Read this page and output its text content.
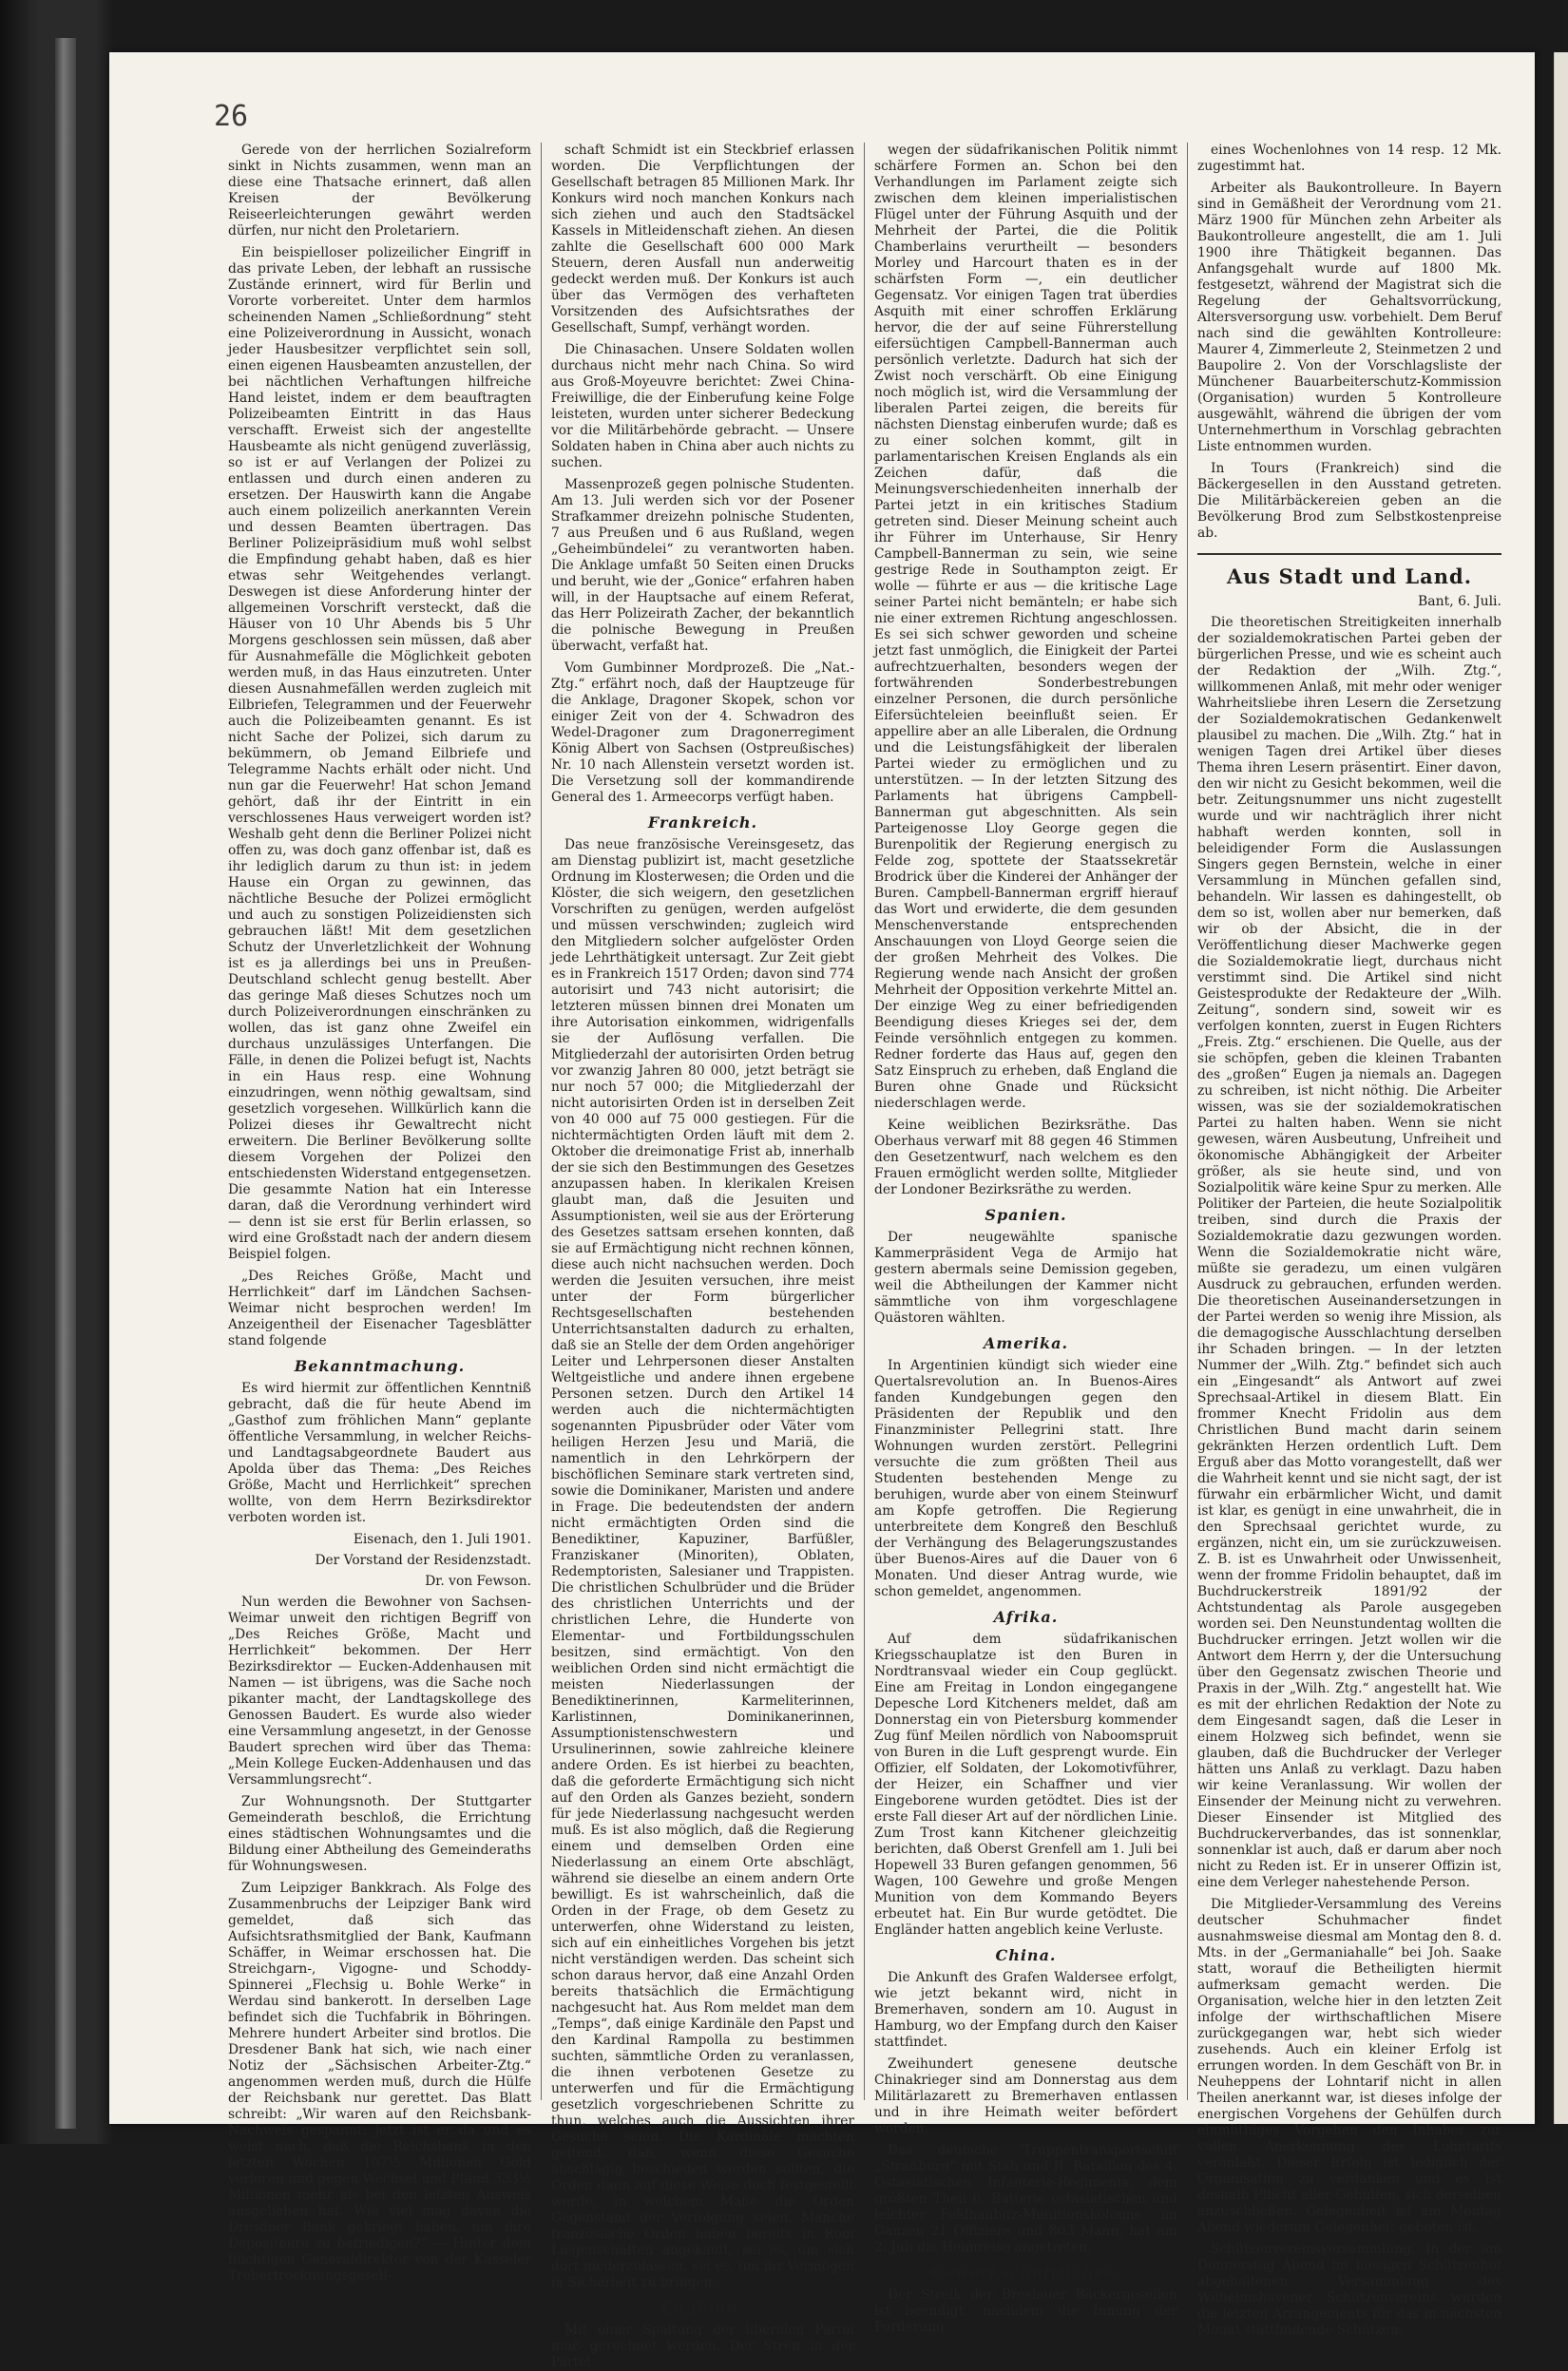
26

Gerede von der herrlichen Sozialreform sinkt in Nichts zusammen, wenn man an diese eine Thatsache erinnert, daß allen Kreisen der Bevölkerung Reiseerleichterungen gewährt werden dürfen, nur nicht den Proletariern.

Ein beispielloser polizeilicher Eingriff in das private Leben, der lebhaft an russische Zustände erinnert, wird für Berlin und Vororte vorbereitet. Unter dem harmlos scheinenden Namen „Schließordnung“ steht eine Polizeiverordnung in Aussicht, wonach jeder Hausbesitzer verpflichtet sein soll, einen eigenen Hausbeamten anzustellen, der bei nächtlichen Verhaftungen hilfreiche Hand leistet, indem er dem beauftragten Polizeibeamten Eintritt in das Haus verschafft. Erweist sich der angestellte Hausbeamte als nicht genügend zuverlässig, so ist er auf Verlangen der Polizei zu entlassen und durch einen anderen zu ersetzen. Der Hauswirth kann die Angabe auch einem polizeilich anerkannten Verein und dessen Beamten übertragen. Das Berliner Polizeipräsidium muß wohl selbst die Empfindung gehabt haben, daß es hier etwas sehr Weitgehendes verlangt. Deswegen ist diese Anforderung hinter der allgemeinen Vorschrift versteckt, daß die Häuser von 10 Uhr Abends bis 5 Uhr Morgens geschlossen sein müssen, daß aber für Ausnahmefälle die Möglichkeit geboten werden muß, in das Haus einzutreten. Unter diesen Ausnahmefällen werden zugleich mit Eilbriefen, Telegrammen und der Feuerwehr auch die Polizeibeamten genannt. Es ist nicht Sache der Polizei, sich darum zu bekümmern, ob Jemand Eilbriefe und Telegramme Nachts erhält oder nicht. Und nun gar die Feuerwehr! Hat schon Jemand gehört, daß ihr der Eintritt in ein verschlossenes Haus verweigert worden ist? Weshalb geht denn die Berliner Polizei nicht offen zu, was doch ganz offenbar ist, daß es ihr lediglich darum zu thun ist: in jedem Hause ein Organ zu gewinnen, das nächtliche Besuche der Polizei ermöglicht und auch zu sonstigen Polizeidiensten sich gebrauchen läßt! Mit dem gesetzlichen Schutz der Unverletzlichkeit der Wohnung ist es ja allerdings bei uns in Preußen-Deutschland schlecht genug bestellt. Aber das geringe Maß dieses Schutzes noch um durch Polizeiverordnungen einschränken zu wollen, das ist ganz ohne Zweifel ein durchaus unzulässiges Unterfangen. Die Fälle, in denen die Polizei befugt ist, Nachts in ein Haus resp. eine Wohnung einzudringen, wenn nöthig gewaltsam, sind gesetzlich vorgesehen. Willkürlich kann die Polizei dieses ihr Gewaltrecht nicht erweitern. Die Berliner Bevölkerung sollte diesem Vorgehen der Polizei den entschiedensten Widerstand entgegensetzen. Die gesammte Nation hat ein Interesse daran, daß die Verordnung verhindert wird — denn ist sie erst für Berlin erlassen, so wird eine Großstadt nach der andern diesem Beispiel folgen.

„Des Reiches Größe, Macht und Herrlichkeit“ darf im Ländchen Sachsen-Weimar nicht besprochen werden! Im Anzeigentheil der Eisenacher Tagesblätter stand folgende

Bekanntmachung.

Es wird hiermit zur öffentlichen Kenntniß gebracht, daß die für heute Abend im „Gasthof zum fröhlichen Mann“ geplante öffentliche Versammlung, in welcher Reichs- und Landtagsabgeordnete Baudert aus Apolda über das Thema: „Des Reiches Größe, Macht und Herrlichkeit“ sprechen wollte, von dem Herrn Bezirksdirektor verboten worden ist.

Eisenach, den 1. Juli 1901.
Der Vorstand der Residenzstadt.
Dr. von Fewson.

Nun werden die Bewohner von Sachsen-Weimar unweit den richtigen Begriff von „Des Reiches Größe, Macht und Herrlichkeit“ bekommen. Der Herr Bezirksdirektor — Eucken-Addenhausen mit Namen — ist übrigens, was die Sache noch pikanter macht, der Landtagskollege des Genossen Baudert. Es wurde also wieder eine Versammlung angesetzt, in der Genosse Baudert sprechen wird über das Thema: „Mein Kollege Eucken-Addenhausen und das Versammlungsrecht“.

Zur Wohnungsnoth. Der Stuttgarter Gemeinderath beschloß, die Errichtung eines städtischen Wohnungsamtes und die Bildung einer Abtheilung des Gemeinderaths für Wohnungswesen.

Zum Leipziger Bankkrach. Als Folge des Zusammenbruchs der Leipziger Bank wird gemeldet, daß sich das Aufsichtsrathsmitglied der Bank, Kaufmann Schäffer, in Weimar erschossen hat. Die Streichgarn-, Vigogne- und Schoddy-Spinnerei „Flechsig u. Bohle Werke“ in Werdau sind bankerott. In derselben Lage befindet sich die Tuchfabrik in Böhringen. Mehrere hundert Arbeiter sind brotlos. Die Dresdener Bank hat sich, wie nach einer Notiz der „Sächsischen Arbeiter-Ztg.“ angenommen werden muß, durch die Hülfe der Reichsbank nur gerettet. Das Blatt schreibt: „Wir waren auf den Reichsbank-Nachweis gespannt; jetzt ist er da und es weist nach, daß die Reichsbank in den letzten Wochen 107½ Millionen Gold verloren und gegen Wechsel und Pfand 333⅓ Millionen mehr als bei den letzten Ausweis ausgeliehen hat. Wie viel mag davon die Dresdner Bank gekriegt haben, um ihre Depositeure zu befriedigen?“ — Hinter dem flüchtigen Generaldirektor von der Kasseler Trebertrocknungsgesell-

schaft Schmidt ist ein Steckbrief erlassen worden. Die Verpflichtungen der Gesellschaft betragen 85 Millionen Mark. Ihr Konkurs wird noch manchen Konkurs nach sich ziehen und auch den Stadtsäckel Kassels in Mitleidenschaft ziehen. An diesen zahlte die Gesellschaft 600 000 Mark Steuern, deren Ausfall nun anderweitig gedeckt werden muß. Der Konkurs ist auch über das Vermögen des verhafteten Vorsitzenden des Aufsichtsrathes der Gesellschaft, Sumpf, verhängt worden.

Die Chinasachen. Unsere Soldaten wollen durchaus nicht mehr nach China. So wird aus Groß-Moyeuvre berichtet: Zwei China-Freiwillige, die der Einberufung keine Folge leisteten, wurden unter sicherer Bedeckung vor die Militärbehörde gebracht. — Unsere Soldaten haben in China aber auch nichts zu suchen.

Massenprozeß gegen polnische Studenten. Am 13. Juli werden sich vor der Posener Strafkammer dreizehn polnische Studenten, 7 aus Preußen und 6 aus Rußland, wegen „Geheimbündelei“ zu verantworten haben. Die Anklage umfaßt 50 Seiten einen Drucks und beruht, wie der „Gonice“ erfahren haben will, in der Hauptsache auf einem Referat, das Herr Polizeirath Zacher, der bekanntlich die polnische Bewegung in Preußen überwacht, verfaßt hat.

Vom Gumbinner Mordprozeß. Die „Nat.-Ztg.“ erfährt noch, daß der Hauptzeuge für die Anklage, Dragoner Skopek, schon vor einiger Zeit von der 4. Schwadron des Wedel-Dragoner zum Dragonerregiment König Albert von Sachsen (Ostpreußisches) Nr. 10 nach Allenstein versetzt worden ist. Die Versetzung soll der kommandirende General des 1. Armeecorps verfügt haben.

Frankreich.

Das neue französische Vereinsgesetz, das am Dienstag publizirt ist, macht gesetzliche Ordnung im Klosterwesen; die Orden und die Klöster, die sich weigern, den gesetzlichen Vorschriften zu genügen, werden aufgelöst und müssen verschwinden; zugleich wird den Mitgliedern solcher aufgelöster Orden jede Lehrthätigkeit untersagt. Zur Zeit giebt es in Frankreich 1517 Orden; davon sind 774 autorisirt und 743 nicht autorisirt; die letzteren müssen binnen drei Monaten um ihre Autorisation einkommen, widrigenfalls sie der Auflösung verfallen. Die Mitgliederzahl der autorisirten Orden betrug vor zwanzig Jahren 80 000, jetzt beträgt sie nur noch 57 000; die Mitgliederzahl der nicht autorisirten Orden ist in derselben Zeit von 40 000 auf 75 000 gestiegen. Für die nichtermächtigten Orden läuft mit dem 2. Oktober die dreimonatige Frist ab, innerhalb der sie sich den Bestimmungen des Gesetzes anzupassen haben. In klerikalen Kreisen glaubt man, daß die Jesuiten und Assumptionisten, weil sie aus der Erörterung des Gesetzes sattsam ersehen konnten, daß sie auf Ermächtigung nicht rechnen können, diese auch nicht nachsuchen werden. Doch werden die Jesuiten versuchen, ihre meist unter der Form bürgerlicher Rechtsgesellschaften bestehenden Unterrichtsanstalten dadurch zu erhalten, daß sie an Stelle der dem Orden angehöriger Leiter und Lehrpersonen dieser Anstalten Weltgeistliche und andere ihnen ergebene Personen setzen. Durch den Artikel 14 werden auch die nichtermächtigten sogenannten Pipusbrüder oder Väter vom heiligen Herzen Jesu und Mariä, die namentlich in den Lehrkörpern der bischöflichen Seminare stark vertreten sind, sowie die Dominikaner, Maristen und andere in Frage. Die bedeutendsten der andern nicht ermächtigten Orden sind die Benediktiner, Kapuziner, Barfüßler, Franziskaner (Minoriten), Oblaten, Redemptoristen, Salesianer und Trappisten. Die christlichen Schulbrüder und die Brüder des christlichen Unterrichts und der christlichen Lehre, die Hunderte von Elementar- und Fortbildungsschulen besitzen, sind ermächtigt. Von den weiblichen Orden sind nicht ermächtigt die meisten Niederlassungen der Benediktinerinnen, Karmeliterinnen, Karlistinnen, Dominikanerinnen, Assumptionistenschwestern und Ursulinerinnen, sowie zahlreiche kleinere andere Orden. Es ist hierbei zu beachten, daß die geforderte Ermächtigung sich nicht auf den Orden als Ganzes bezieht, sondern für jede Niederlassung nachgesucht werden muß. Es ist also möglich, daß die Regierung einem und demselben Orden eine Niederlassung an einem Orte abschlägt, während sie dieselbe an einem andern Orte bewilligt. Es ist wahrscheinlich, daß die Orden in der Frage, ob dem Gesetz zu unterwerfen, ohne Widerstand zu leisten, sich auf ein einheitliches Vorgehen bis jetzt nicht verständigen werden. Das scheint sich schon daraus hervor, daß eine Anzahl Orden bereits thatsächlich die Ermächtigung nachgesucht hat. Aus Rom meldet man dem „Temps“, daß einige Kardinäle den Papst und den Kardinal Rampolla zu bestimmen suchten, sämmtliche Orden zu veranlassen, die ihnen verbotenen Gesetze zu unterwerfen und für die Ermächtigung gesetzlich vorgeschriebenen Schritte zu thun, welches auch die Aussichten ihrer Gesuche seien. Die Kardinäle machten geltend, daß, wenn diese Gesuche abschlägig beschieden werden sollten, die Orden dann auf diese Weise doch festgestellt werde, in welchem Maße die Orden Gegenstand der Verfolgung seien. Manche französische Orden haben bereits in Rom Liegenschaften angekauft, sei es, um sich dort niederzulassen, sei es, um ihr Vermögen in Sicherheit zu bringen.

England.

Mit einer Spaltung der liberalen Partei muß gerechnet werden. Der Streit in der Partei

wegen der südafrikanischen Politik nimmt schärfere Formen an. Schon bei den Verhandlungen im Parlament zeigte sich zwischen dem kleinen imperialistischen Flügel unter der Führung Asquith und der Mehrheit der Partei, die die Politik Chamberlains verurtheilt — besonders Morley und Harcourt thaten es in der schärfsten Form —, ein deutlicher Gegensatz. Vor einigen Tagen trat überdies Asquith mit einer schroffen Erklärung hervor, die der auf seine Führerstellung eifersüchtigen Campbell-Bannerman auch persönlich verletzte. Dadurch hat sich der Zwist noch verschärft. Ob eine Einigung noch möglich ist, wird die Versammlung der liberalen Partei zeigen, die bereits für nächsten Dienstag einberufen wurde; daß es zu einer solchen kommt, gilt in parlamentarischen Kreisen Englands als ein Zeichen dafür, daß die Meinungsverschiedenheiten innerhalb der Partei jetzt in ein kritisches Stadium getreten sind. Dieser Meinung scheint auch ihr Führer im Unterhause, Sir Henry Campbell-Bannerman zu sein, wie seine gestrige Rede in Southampton zeigt. Er wolle — führte er aus — die kritische Lage seiner Partei nicht bemänteln; er habe sich nie einer extremen Richtung angeschlossen. Es sei sich schwer geworden und scheine jetzt fast unmöglich, die Einigkeit der Partei aufrechtzuerhalten, besonders wegen der fortwährenden Sonderbestrebungen einzelner Personen, die durch persönliche Eifersüchteleien beeinflußt seien. Er appellire aber an alle Liberalen, die Ordnung und die Leistungsfähigkeit der liberalen Partei wieder zu ermöglichen und zu unterstützen. — In der letzten Sitzung des Parlaments hat übrigens Campbell-Bannerman gut abgeschnitten. Als sein Parteigenosse Lloy George gegen die Burenpolitik der Regierung energisch zu Felde zog, spottete der Staatssekretär Brodrick über die Kinderei der Anhänger der Buren. Campbell-Bannerman ergriff hierauf das Wort und erwiderte, die dem gesunden Menschenverstande entsprechenden Anschauungen von Lloyd George seien die der großen Mehrheit des Volkes. Die Regierung wende nach Ansicht der großen Mehrheit der Opposition verkehrte Mittel an. Der einzige Weg zu einer befriedigenden Beendigung dieses Krieges sei der, dem Feinde versöhnlich entgegen zu kommen. Redner forderte das Haus auf, gegen den Satz Einspruch zu erheben, daß England die Buren ohne Gnade und Rücksicht niederschlagen werde.

Keine weiblichen Bezirksräthe. Das Oberhaus verwarf mit 88 gegen 46 Stimmen den Gesetzentwurf, nach welchem es den Frauen ermöglicht werden sollte, Mitglieder der Londoner Bezirksräthe zu werden.

Spanien.

Der neugewählte spanische Kammerpräsident Vega de Armijo hat gestern abermals seine Demission gegeben, weil die Abtheilungen der Kammer nicht sämmtliche von ihm vorgeschlagene Quästoren wählten.

Amerika.

In Argentinien kündigt sich wieder eine Quertalsrevolution an. In Buenos-Aires fanden Kundgebungen gegen den Präsidenten der Republik und den Finanzminister Pellegrini statt. Ihre Wohnungen wurden zerstört. Pellegrini versuchte die zum größten Theil aus Studenten bestehenden Menge zu beruhigen, wurde aber von einem Steinwurf am Kopfe getroffen. Die Regierung unterbreitete dem Kongreß den Beschluß der Verhängung des Belagerungszustandes über Buenos-Aires auf die Dauer von 6 Monaten. Und dieser Antrag wurde, wie schon gemeldet, angenommen.

Afrika.

Auf dem südafrikanischen Kriegsschauplatze ist den Buren in Nordtransvaal wieder ein Coup geglückt. Eine am Freitag in London eingegangene Depesche Lord Kitcheners meldet, daß am Donnerstag ein von Pietersburg kommender Zug fünf Meilen nördlich von Naboomspruit von Buren in die Luft gesprengt wurde. Ein Offizier, elf Soldaten, der Lokomotivführer, der Heizer, ein Schaffner und vier Eingeborene wurden getödtet. Dies ist der erste Fall dieser Art auf der nördlichen Linie. Zum Trost kann Kitchener gleichzeitig berichten, daß Oberst Grenfell am 1. Juli bei Hopewell 33 Buren gefangen genommen, 56 Wagen, 100 Gewehre und große Mengen Munition von dem Kommando Beyers erbeutet hat. Ein Bur wurde getödtet. Die Engländer hatten angeblich keine Verluste.

China.

Die Ankunft des Grafen Waldersee erfolgt, wie jetzt bekannt wird, nicht in Bremerhaven, sondern am 10. August in Hamburg, wo der Empfang durch den Kaiser stattfindet.

Zweihundert genesene deutsche Chinakrieger sind am Donnerstag aus dem Militärlazarett zu Bremerhaven entlassen und in ihre Heimath weiter befördert worden.

Das deutsche Truppentransportschiff „Straßburg“ mit Stab und II. Bataillon des 4. Ostasiatischen Infanterie-Regiments, dem größten Theil 6. Batterie ostasiatischen und leichter Feldhaubitz-Munitionskolonne, im Ganzen 21 Offiziere und 803 Mann, hat am 2. Juli die Heimreise angetreten.

Gewerkschaftliches.

Der Streik der Breslauer Bäckergesellen ist beendigt, nachdem die Innung der Forderung

eines Wochenlohnes von 14 resp. 12 Mk. zugestimmt hat.

Arbeiter als Baukontrolleure. In Bayern sind in Gemäßheit der Verordnung vom 21. März 1900 für München zehn Arbeiter als Baukontrolleure angestellt, die am 1. Juli 1900 ihre Thätigkeit begannen. Das Anfangsgehalt wurde auf 1800 Mk. festgesetzt, während der Magistrat sich die Regelung der Gehaltsvorrückung, Altersversorgung usw. vorbehielt. Dem Beruf nach sind die gewählten Kontrolleure: Maurer 4, Zimmerleute 2, Steinmetzen 2 und Baupolire 2. Von der Vorschlagsliste der Münchener Bauarbeiterschutz-Kommission (Organisation) wurden 5 Kontrolleure ausgewählt, während die übrigen der vom Unternehmerthum in Vorschlag gebrachten Liste entnommen wurden.

In Tours (Frankreich) sind die Bäckergesellen in den Ausstand getreten. Die Militärbäckereien geben an die Bevölkerung Brod zum Selbstkostenpreise ab.

Aus Stadt und Land.
Bant, 6. Juli.

Die theoretischen Streitigkeiten innerhalb der sozialdemokratischen Partei geben der bürgerlichen Presse, und wie es scheint auch der Redaktion der „Wilh. Ztg.“, willkommenen Anlaß, mit mehr oder weniger Wahrheitsliebe ihren Lesern die Zersetzung der Sozialdemokratischen Gedankenwelt plausibel zu machen. Die „Wilh. Ztg.“ hat in wenigen Tagen drei Artikel über dieses Thema ihren Lesern präsentirt. Einer davon, den wir nicht zu Gesicht bekommen, weil die betr. Zeitungsnummer uns nicht zugestellt wurde und wir nachträglich ihrer nicht habhaft werden konnten, soll in beleidigender Form die Auslassungen Singers gegen Bernstein, welche in einer Versammlung in München gefallen sind, behandeln. Wir lassen es dahingestellt, ob dem so ist, wollen aber nur bemerken, daß wir ob der Absicht, die in der Veröffentlichung dieser Machwerke gegen die Sozialdemokratie liegt, durchaus nicht verstimmt sind. Die Artikel sind nicht Geistesprodukte der Redakteure der „Wilh. Zeitung“, sondern sind, soweit wir es verfolgen konnten, zuerst in Eugen Richters „Freis. Ztg.“ erschienen. Die Quelle, aus der sie schöpfen, geben die kleinen Trabanten des „großen“ Eugen ja niemals an. Dagegen zu schreiben, ist nicht nöthig. Die Arbeiter wissen, was sie der sozialdemokratischen Partei zu halten haben. Wenn sie nicht gewesen, wären Ausbeutung, Unfreiheit und ökonomische Abhängigkeit der Arbeiter größer, als sie heute sind, und von Sozialpolitik wäre keine Spur zu merken. Alle Politiker der Parteien, die heute Sozialpolitik treiben, sind durch die Praxis der Sozialdemokratie dazu gezwungen worden. Wenn die Sozialdemokratie nicht wäre, müßte sie geradezu, um einen vulgären Ausdruck zu gebrauchen, erfunden werden. Die theoretischen Auseinandersetzungen in der Partei werden so wenig ihre Mission, als die demagogische Ausschlachtung derselben ihr Schaden bringen. — In der letzten Nummer der „Wilh. Ztg.“ befindet sich auch ein „Eingesandt“ als Antwort auf zwei Sprechsaal-Artikel in diesem Blatt. Ein frommer Knecht Fridolin aus dem Christlichen Bund macht darin seinem gekränkten Herzen ordentlich Luft. Dem Erguß aber das Motto vorangestellt, daß wer die Wahrheit kennt und sie nicht sagt, der ist fürwahr ein erbärmlicher Wicht, und damit ist klar, es genügt in eine unwahrheit, die in den Sprechsaal gerichtet wurde, zu ergänzen, nicht ein, um sie zurückzuweisen. Z. B. ist es Unwahrheit oder Unwissenheit, wenn der fromme Fridolin behauptet, daß im Buchdruckerstreik 1891/92 der Achtstundentag als Parole ausgegeben worden sei. Den Neunstundentag wollten die Buchdrucker erringen. Jetzt wollen wir die Antwort dem Herrn y, der die Untersuchung über den Gegensatz zwischen Theorie und Praxis in der „Wilh. Ztg.“ angestellt hat. Wie es mit der ehrlichen Redaktion der Note zu dem Eingesandt sagen, daß die Leser in einem Holzweg sich befindet, wenn sie glauben, daß die Buchdrucker der Verleger hätten uns Anlaß zu verklagt. Dazu haben wir keine Veranlassung. Wir wollen der Einsender der Meinung nicht zu verwehren. Dieser Einsender ist Mitglied des Buchdruckerverbandes, das ist sonnenklar, sonnenklar ist auch, daß er darum aber noch nicht zu Reden ist. Er in unserer Offizin ist, eine dem Verleger nahestehende Person.

Die Mitglieder-Versammlung des Vereins deutscher Schuhmacher findet ausnahmsweise diesmal am Montag den 8. d. Mts. in der „Germaniahalle“ bei Joh. Saake statt, worauf die Betheiligten hiermit aufmerksam gemacht werden. Die Organisation, welche hier in den letzten Zeit infolge der wirthschaftlichen Misere zurückgegangen war, hebt sich wieder zusehends. Auch ein kleiner Erfolg ist errungen worden. In dem Geschäft von Br. in Neuheppens der Lohntarif nicht in allen Theilen anerkannt war, ist dieses infolge der energischen Vorgehens der Gehülfen durch einmüthiges Vorgehen den Inhaber zur vollen Anerkennung des Lohntarifs veranlaßt. Dieser Erfolg ist lediglich der Organisation zu verdanken und es ist deshalb Pflicht aller Gehülfen, sich derselben anzuschließen. Gelegenheit ist am Montag Abend wiederum Gelegenheit geboten ist.

Schützenvereinsversammlung. In der am Donnerstag Abend im hiesigen Schützenhof abgehaltenen Versammlung des Wilhelmshavener Schützenvereins wurden die letzten Arrangements für das in nächsten Monat stattfindende Schützen-
